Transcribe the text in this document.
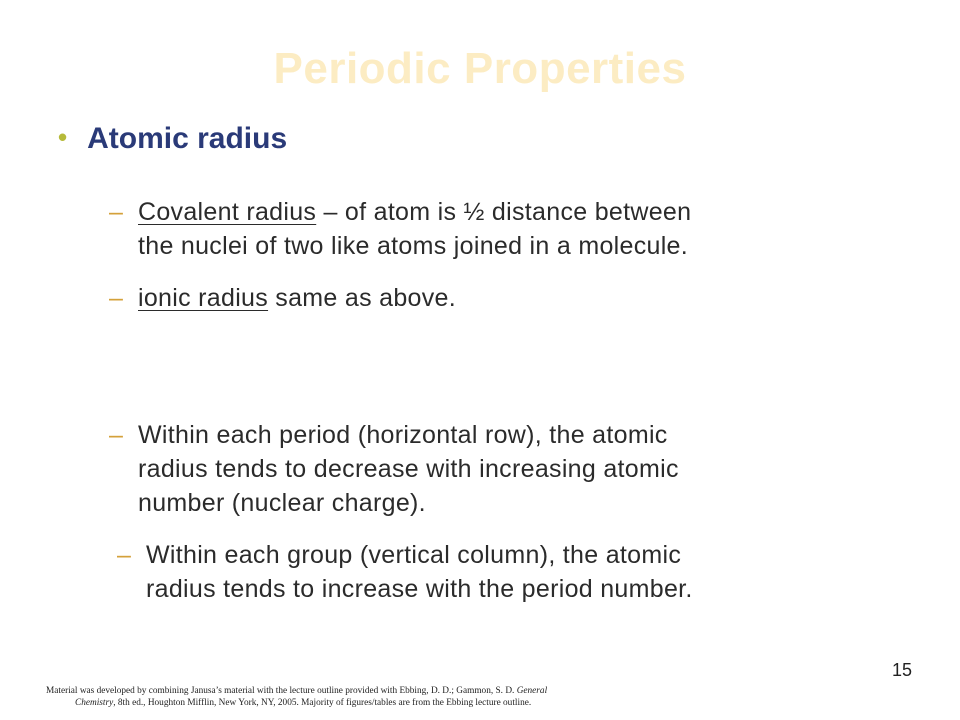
Periodic Properties
• Atomic radius
– Covalent radius – of atom is ½ distance between
the nuclei of two like atoms joined in a molecule.
– ionic radius same as above.
– Within each period (horizontal row), the atomic
radius tends to decrease with increasing atomic
number (nuclear charge).
– Within each group (vertical column), the atomic
radius tends to increase with the period number.
15
Material was developed by combining Janusa’s material with the lecture outline provided with Ebbing, D. D.; Gammon, S. D. General
Chemistry, 8th ed., Houghton Mifflin, New York, NY, 2005. Majority of figures/tables are from the Ebbing lecture outline.
